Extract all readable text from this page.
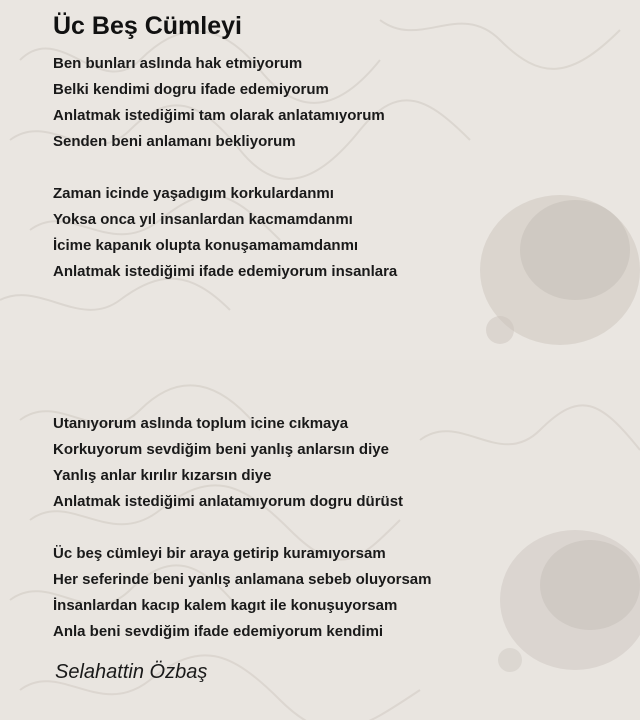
Üc Beş Cümleyi

Ben bunları aslında hak etmiyorum
Belki kendimi dogru ifade edemiyorum
Anlatmak istediğimi tam olarak anlatamıyorum
Senden beni anlamanı bekliyorum

Zaman icinde yaşadıgım korkulardanmı
Yoksa onca yıl insanlardan kacmamdanmı
İcime kapanık olupta konuşamamamdanmı
Anlatmak istediğimi ifade edemiyorum insanlara

Utanıyorum aslında toplum icine cıkmaya
Korkuyorum sevdiğim beni yanlış anlarsın diye
Yanlış anlar kırılır kızarsın diye
Anlatmak istediğimi anlatamıyorum dogru dürüst

Üc beş cümleyi bir araya getirip kuramıyorsam
Her seferinde beni yanlış anlamana sebeb oluyorsam
İnsanlardan kacıp kalem kagıt ile konuşuyorsam
Anla beni sevdiğim ifade edemiyorum kendimi

Selahattin Özbaş
